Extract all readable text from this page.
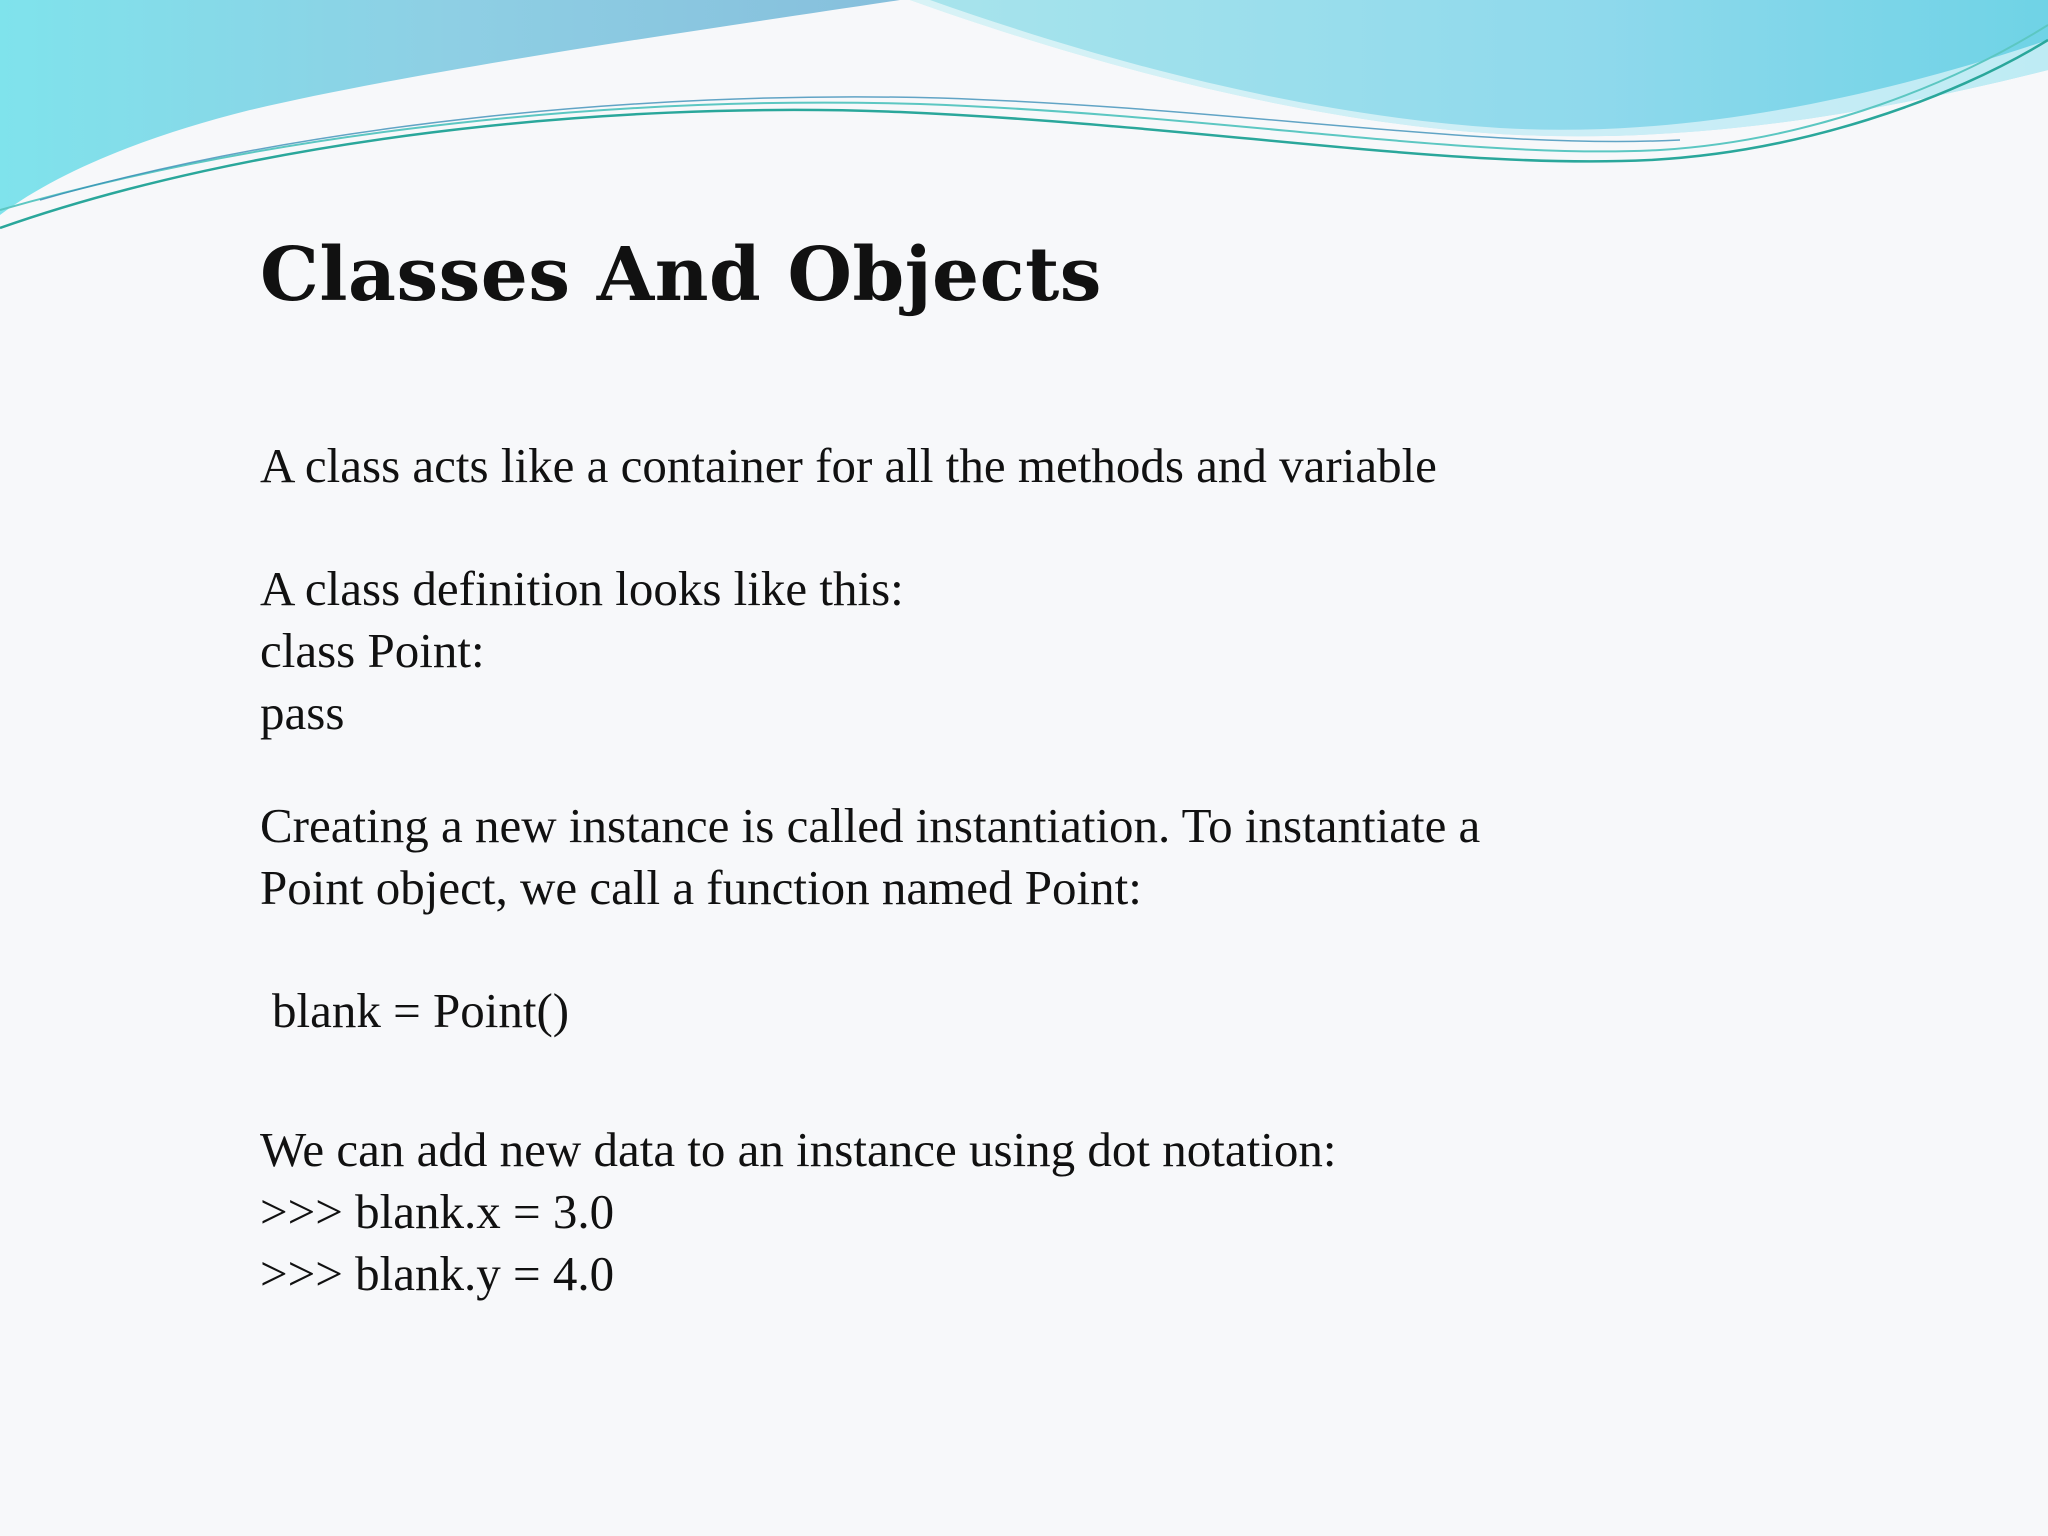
Classes And Objects

A class acts like a container for all the methods and variable

A class definition looks like this:

class Point:

pass

Creating a new instance is called instantiation. To instantiate a

Point object, we call a function named Point:

blank = Point()

We can add new data to an instance using dot notation:

>>> blank.x = 3.0

>>> blank.y = 4.0
